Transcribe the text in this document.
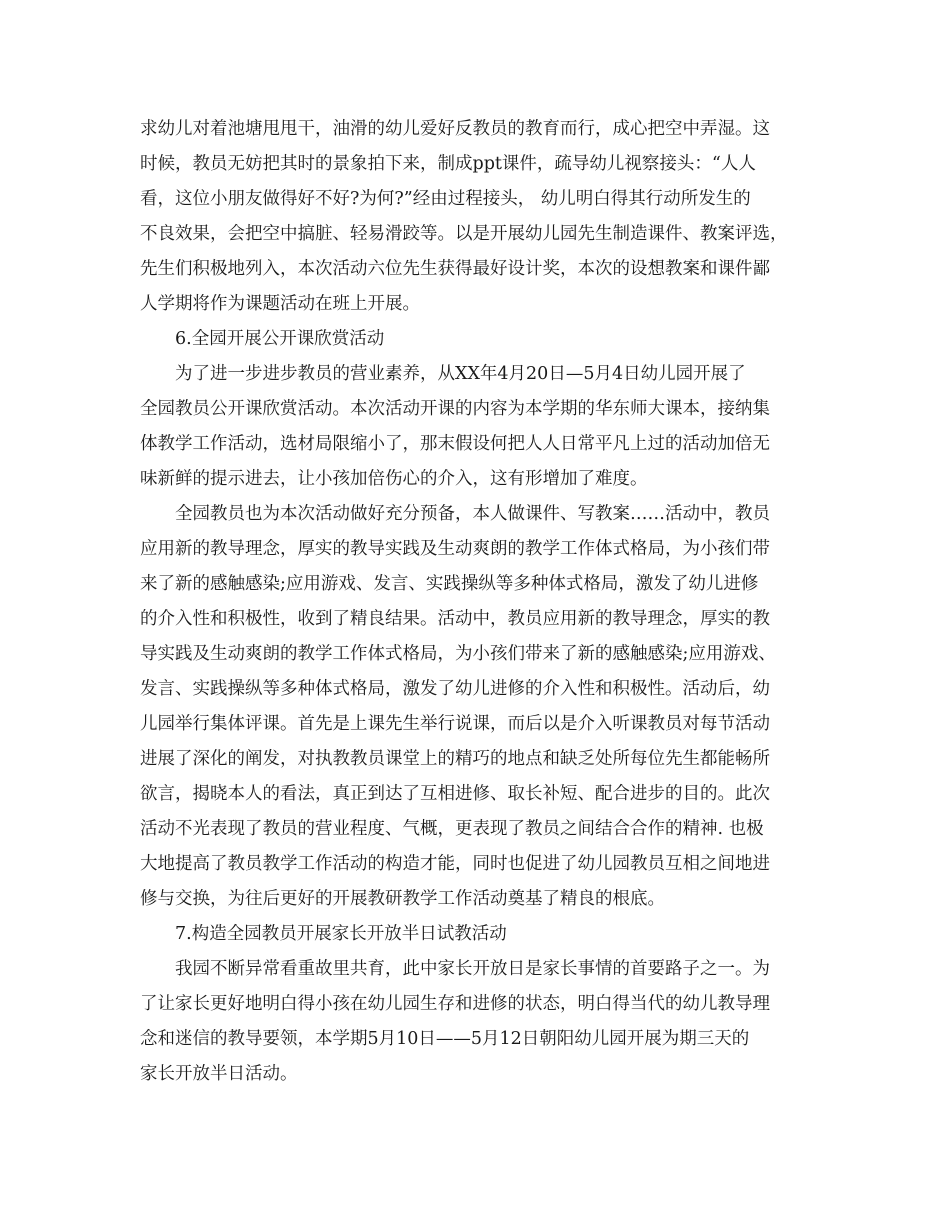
求幼儿对着池塘甩甩干，油滑的幼儿爱好反教员的教育而行，成心把空中弄湿。这
时候，教员无妨把其时的景象拍下来，制成ppt课件，疏导幼儿视察接头：“人人
看，这位小朋友做得好不好?为何?”经由过程接头， 幼儿明白得其行动所发生的
不良效果，会把空中搞脏、轻易滑跤等。以是开展幼儿园先生制造课件、教案评选，
先生们积极地列入，本次活动六位先生获得最好设计奖，本次的设想教案和课件鄙
人学期将作为课题活动在班上开展。
6.全园开展公开课欣赏活动
为了进一步进步教员的营业素养，从XX年4月20日—5月4日幼儿园开展了
全园教员公开课欣赏活动。本次活动开课的内容为本学期的华东师大课本，接纳集
体教学工作活动，选材局限缩小了，那末假设何把人人日常平凡上过的活动加倍无
味新鲜的提示进去，让小孩加倍伤心的介入，这有形增加了难度。
全园教员也为本次活动做好充分预备，本人做课件、写教案……活动中，教员
应用新的教导理念，厚实的教导实践及生动爽朗的教学工作体式格局，为小孩们带
来了新的感触感染;应用游戏、发言、实践操纵等多种体式格局，激发了幼儿进修
的介入性和积极性，收到了精良结果。活动中，教员应用新的教导理念，厚实的教
导实践及生动爽朗的教学工作体式格局，为小孩们带来了新的感触感染;应用游戏、
发言、实践操纵等多种体式格局，激发了幼儿进修的介入性和积极性。活动后，幼
儿园举行集体评课。首先是上课先生举行说课，而后以是介入听课教员对每节活动
进展了深化的阐发，对执教教员课堂上的精巧的地点和缺乏处所每位先生都能畅所
欲言，揭晓本人的看法，真正到达了互相进修、取长补短、配合进步的目的。此次
活动不光表现了教员的营业程度、气概，更表现了教员之间结合合作的精神. 也极
大地提高了教员教学工作活动的构造才能，同时也促进了幼儿园教员互相之间地进
修与交换，为往后更好的开展教研教学工作活动奠基了精良的根底。
7.构造全园教员开展家长开放半日试教活动
我园不断异常看重故里共育，此中家长开放日是家长事情的首要路子之一。为
了让家长更好地明白得小孩在幼儿园生存和进修的状态，明白得当代的幼儿教导理
念和迷信的教导要领，本学期5月10日——5月12日朝阳幼儿园开展为期三天的
家长开放半日活动。
